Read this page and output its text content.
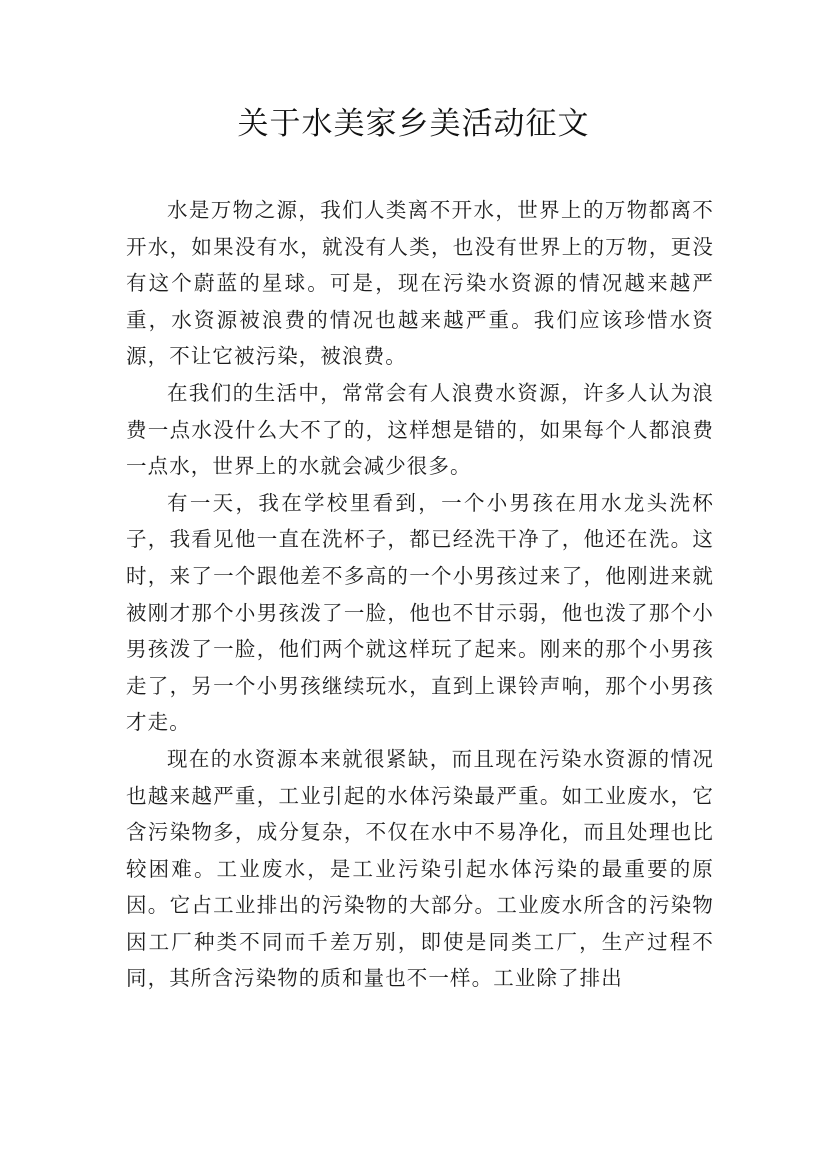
关于水美家乡美活动征文

水是万物之源，我们人类离不开水，世界上的万物都离不开水，如果没有水，就没有人类，也没有世界上的万物，更没有这个蔚蓝的星球。可是，现在污染水资源的情况越来越严重，水资源被浪费的情况也越来越严重。我们应该珍惜水资源，不让它被污染，被浪费。

在我们的生活中，常常会有人浪费水资源，许多人认为浪费一点水没什么大不了的，这样想是错的，如果每个人都浪费一点水，世界上的水就会减少很多。

有一天，我在学校里看到，一个小男孩在用水龙头洗杯子，我看见他一直在洗杯子，都已经洗干净了，他还在洗。这时，来了一个跟他差不多高的一个小男孩过来了，他刚进来就被刚才那个小男孩泼了一脸，他也不甘示弱，他也泼了那个小男孩泼了一脸，他们两个就这样玩了起来。刚来的那个小男孩走了，另一个小男孩继续玩水，直到上课铃声响，那个小男孩才走。

现在的水资源本来就很紧缺，而且现在污染水资源的情况也越来越严重，工业引起的水体污染最严重。如工业废水，它含污染物多，成分复杂，不仅在水中不易净化，而且处理也比较困难。工业废水，是工业污染引起水体污染的最重要的原因。它占工业排出的污染物的大部分。工业废水所含的污染物因工厂种类不同而千差万别，即使是同类工厂，生产过程不同，其所含污染物的质和量也不一样。工业除了排出
